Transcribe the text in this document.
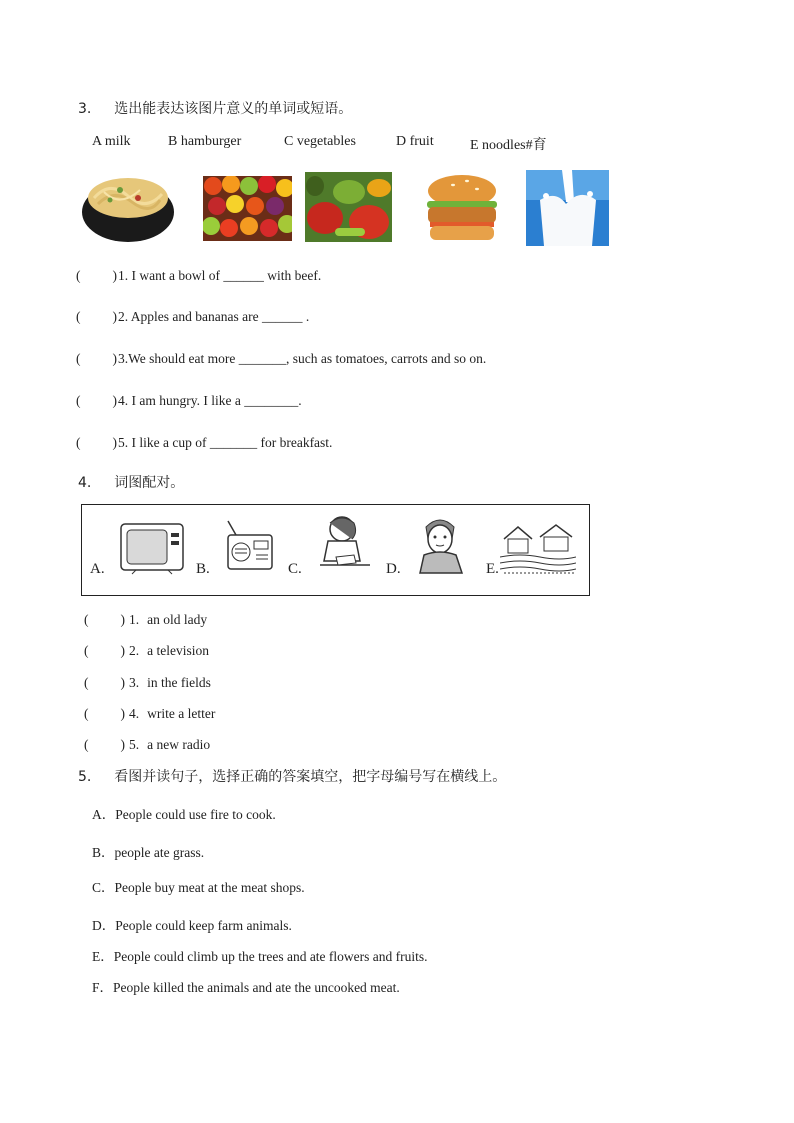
3. 选出能表达该图片意义的单词或短语。
A milk	B hamburger	C vegetables	D fruit	E noodles#育
( )1. I want a bowl of ______ with beef.
( )2. Apples and bananas are ______ .
( )3.We should eat more _______, such as tomatoes, carrots and so on.
( )4. I am hungry. I like a ________.
( )5. I like a cup of _______ for breakfast.
4. 词图配对。
A.	B.	C.	D.	E.
( ) 1. an old lady
( ) 2. a television
( ) 3. in the fields
( ) 4. write a letter
( ) 5. a new radio
5. 看图并读句子，选择正确的答案填空，把字母编号写在横线上。
A．People could use fire to cook.
B．people ate grass.
C．People buy meat at the meat shops.
D．People could keep farm animals.
E．People could climb up the trees and ate flowers and fruits.
F．People killed the animals and ate the uncooked meat.
